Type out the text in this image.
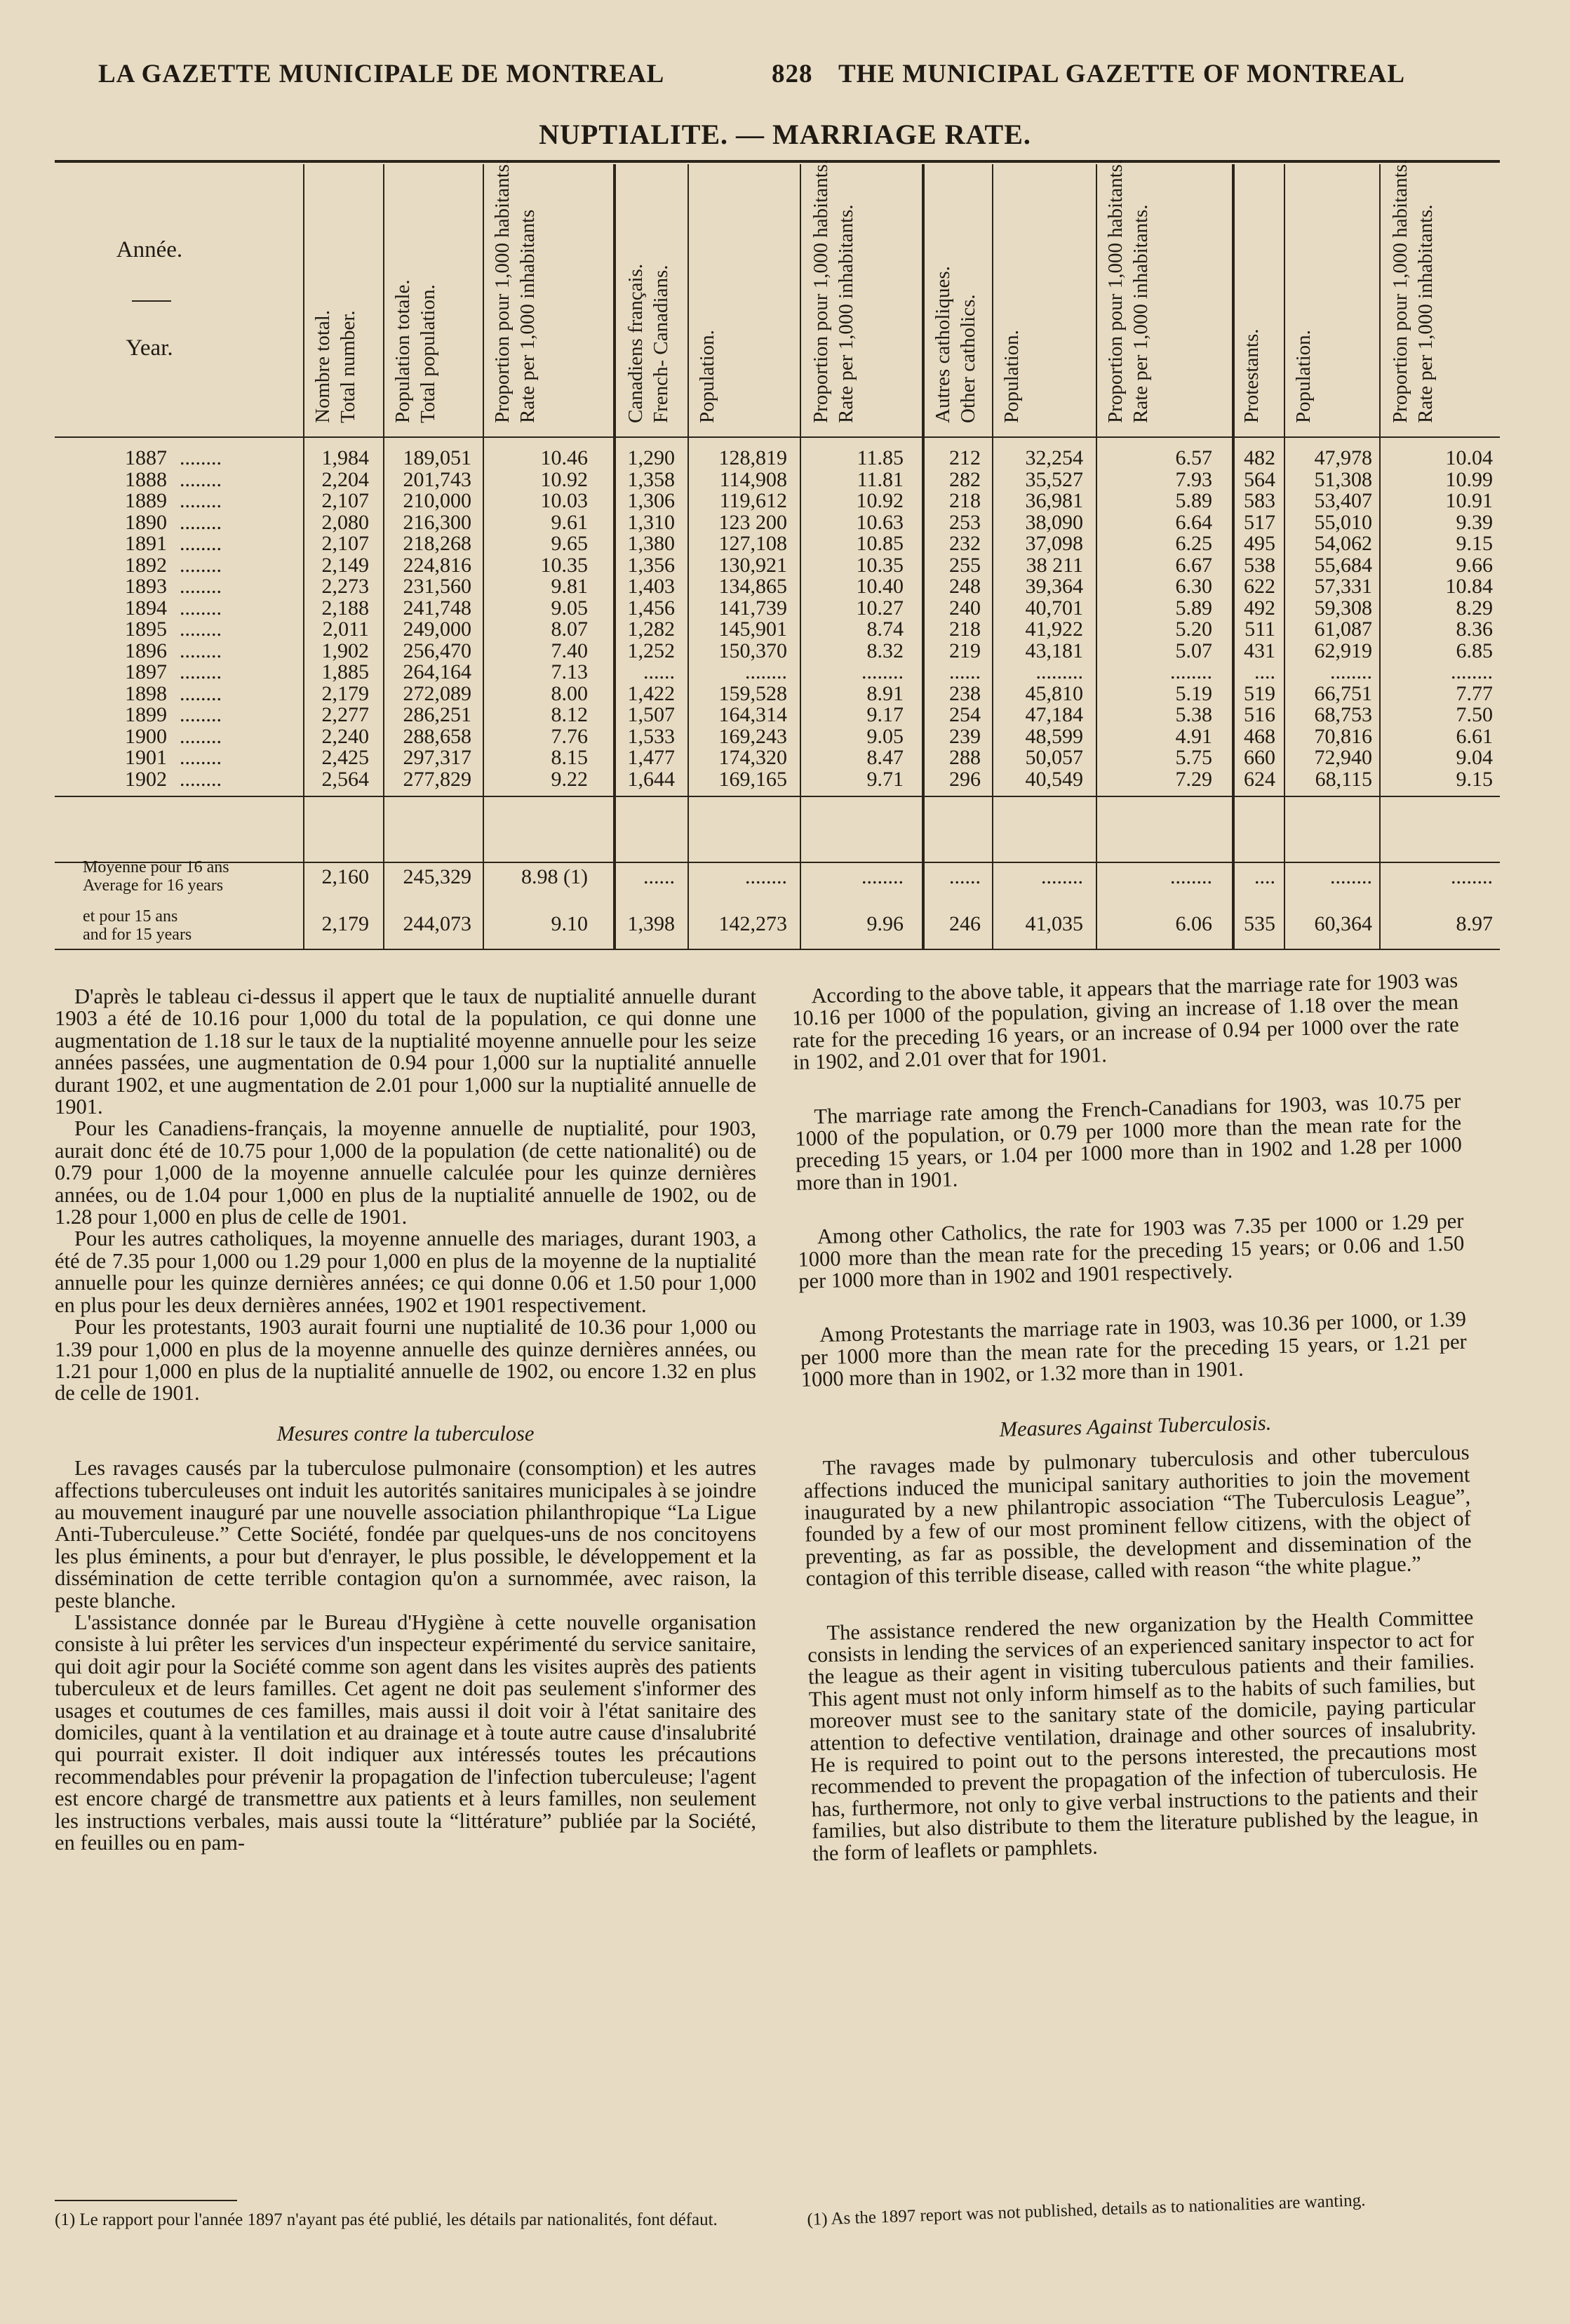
LA GAZETTE MUNICIPALE DE MONTREAL	828 THE MUNICIPAL GAZETTE OF MONTREAL
NUPTIALITE. — MARRIAGE RATE.
Année.
Year.	Nombre total. Total number. Population totale. Total population.	Proportion pour 1,000 habitants. Rate per 1,000 inhabitants	Canadiens français. French- Canadians. Population.	Proportion pour 1,000 habitants. Rate per 1,000 inhabitants.	Autres catholiques. Other catholics. Population.	Proportion pour 1,000 habitants. Rate per 1,000 inhabitants.	Protestants. Population.	Proportion pour 1,000 habitants. Rate per 1,000 inhabitants.
1887 ........	1,984	189,051	10.46	1,290	128,819	11.85	212	32,254	6.57	482	47,978	10.04
1888 ........	2,204	201,743	10.92	1,358	114,908	11.81	282	35,527	7.93	564	51,308	10.99
1889 ........	2,107	210,000	10.03	1,306	119,612	10.92	218	36,981	5.89	583	53,407	10.91
1890 ........	2,080	216,300	9.61	1,310	123 200	10.63	253	38,090	6.64	517	55,010	9.39
1891 ........	2,107	218,268	9.65	1,380	127,108	10.85	232	37,098	6.25	495	54,062	9.15
1892 ........	2,149	224,816	10.35	1,356	130,921	10.35	255	38 211	6.67	538	55,684	9.66
1893 ........	2,273	231,560	9.81	1,403	134,865	10.40	248	39,364	6.30	622	57,331	10.84
1894 ........	2,188	241,748	9.05	1,456	141,739	10.27	240	40,701	5.89	492	59,308	8.29
1895 ........	2,011	249,000	8.07	1,282	145,901	8.74	218	41,922	5.20	511	61,087	8.36
1896 ........	1,902	256,470	7.40	1,252	150,370	8.32	219	43,181	5.07	431	62,919	6.85
1897 ........	1,885	264,164	7.13	......	........	........	......	.........	........	....	........	........
1898 ........	2,179	272,089	8.00	1,422	159,528	8.91	238	45,810	5.19	519	66,751	7.77
1899 ........	2,277	286,251	8.12	1,507	164,314	9.17	254	47,184	5.38	516	68,753	7.50
1900 ........	2,240	288,658	7.76	1,533	169,243	9.05	239	48,599	4.91	468	70,816	6.61
1901 ........	2,425	297,317	8.15	1,477	174,320	8.47	288	50,057	5.75	660	72,940	9.04
1902 ........	2,564	277,829	9.22	1,644	169,165	9.71	296	40,549	7.29	624	68,115	9.15
Moyenne pour 16 ans
Average for 16 years
et pour 15 ans
and for 15 years
2,160	245,329	8.98 (1)	......	........	........	......	........	........	....	........	........
2,179	244,073	9.10	1,398	142,273	9.96	246	41,035	6.06	535	60,364	8.97

D'après le tableau ci-dessus il appert que le taux de nuptialité annuelle durant 1903 a été de 10.16 pour 1,000 du total de la population, ce qui donne une augmentation de 1.18 sur le taux de la nuptialité moyenne annuelle pour les seize années passées, une augmentation de 0.94 pour 1,000 sur la nuptialité annuelle durant 1902, et une augmentation de 2.01 pour 1,000 sur la nuptialité annuelle de 1901.

Pour les Canadiens-français, la moyenne annuelle de nuptialité, pour 1903, aurait donc été de 10.75 pour 1,000 de la population (de cette nationalité) ou de 0.79 pour 1,000 de la moyenne annuelle calculée pour les quinze dernières années, ou de 1.04 pour 1,000 en plus de la nuptialité annuelle de 1902, ou de 1.28 pour 1,000 en plus de celle de 1901.

Pour les autres catholiques, la moyenne annuelle des mariages, durant 1903, a été de 7.35 pour 1,000 ou 1.29 pour 1,000 en plus de la moyenne de la nuptialité annuelle pour les quinze dernières années; ce qui donne 0.06 et 1.50 pour 1,000 en plus pour les deux dernières années, 1902 et 1901 respectivement.

Pour les protestants, 1903 aurait fourni une nuptialité de 10.36 pour 1,000 ou 1.39 pour 1,000 en plus de la moyenne annuelle des quinze dernières années, ou 1.21 pour 1,000 en plus de la nuptialité annuelle de 1902, ou encore 1.32 en plus de celle de 1901.

Mesures contre la tuberculose

Les ravages causés par la tuberculose pulmonaire (consomption) et les autres affections tuberculeuses ont induit les autorités sanitaires municipales à se joindre au mouvement inauguré par une nouvelle association philanthropique “La Ligue Anti-Tuberculeuse.” Cette Société, fondée par quelques-uns de nos concitoyens les plus éminents, a pour but d'enrayer, le plus possible, le développement et la dissémination de cette terrible contagion qu'on a surnommée, avec raison, la peste blanche.

L'assistance donnée par le Bureau d'Hygiène à cette nouvelle organisation consiste à lui prêter les services d'un inspecteur expérimenté du service sanitaire, qui doit agir pour la Société comme son agent dans les visites auprès des patients tuberculeux et de leurs familles. Cet agent ne doit pas seulement s'informer des usages et coutumes de ces familles, mais aussi il doit voir à l'état sanitaire des domiciles, quant à la ventilation et au drainage et à toute autre cause d'insalubrité qui pourrait exister. Il doit indiquer aux intéressés toutes les précautions recommendables pour prévenir la propagation de l'infection tuberculeuse; l'agent est encore chargé de transmettre aux patients et à leurs familles, non seulement les instructions verbales, mais aussi toute la “littérature” publiée par la Société, en feuilles ou en pam-

According to the above table, it appears that the marriage rate for 1903 was 10.16 per 1000 of the population, giving an increase of 1.18 over the mean rate for the preceding 16 years, or an increase of 0.94 per 1000 over the rate in 1902, and 2.01 over that for 1901.

The marriage rate among the French-Canadians for 1903, was 10.75 per 1000 of the population, or 0.79 per 1000 more than the mean rate for the preceding 15 years, or 1.04 per 1000 more than in 1902 and 1.28 per 1000 more than in 1901.

Among other Catholics, the rate for 1903 was 7.35 per 1000 or 1.29 per 1000 more than the mean rate for the preceding 15 years; or 0.06 and 1.50 per 1000 more than in 1902 and 1901 respectively.

Among Protestants the marriage rate in 1903, was 10.36 per 1000, or 1.39 per 1000 more than the mean rate for the preceding 15 years, or 1.21 per 1000 more than in 1902, or 1.32 more than in 1901.

Measures Against Tuberculosis.

The ravages made by pulmonary tuberculosis and other tuberculous affections induced the municipal sanitary authorities to join the movement inaugurated by a new philantropic association “The Tuberculosis League”, founded by a few of our most prominent fellow citizens, with the object of preventing, as far as possible, the development and dissemination of the contagion of this terrible disease, called with reason “the white plague.”

The assistance rendered the new organization by the Health Committee consists in lending the services of an experienced sanitary inspector to act for the league as their agent in visiting tuberculous patients and their families. This agent must not only inform himself as to the habits of such families, but moreover must see to the sanitary state of the domicile, paying particular attention to defective ventilation, drainage and other sources of insalubrity. He is required to point out to the persons interested, the precautions most recommended to prevent the propagation of the infection of tuberculosis. He has, furthermore, not only to give verbal instructions to the patients and their families, but also distribute to them the literature published by the league, in the form of leaflets or pamphlets.

(1) Le rapport pour l'année 1897 n'ayant pas été publié, les détails par nationalités, font défaut.	(1) As the 1897 report was not published, details as to nationalities are wanting.
